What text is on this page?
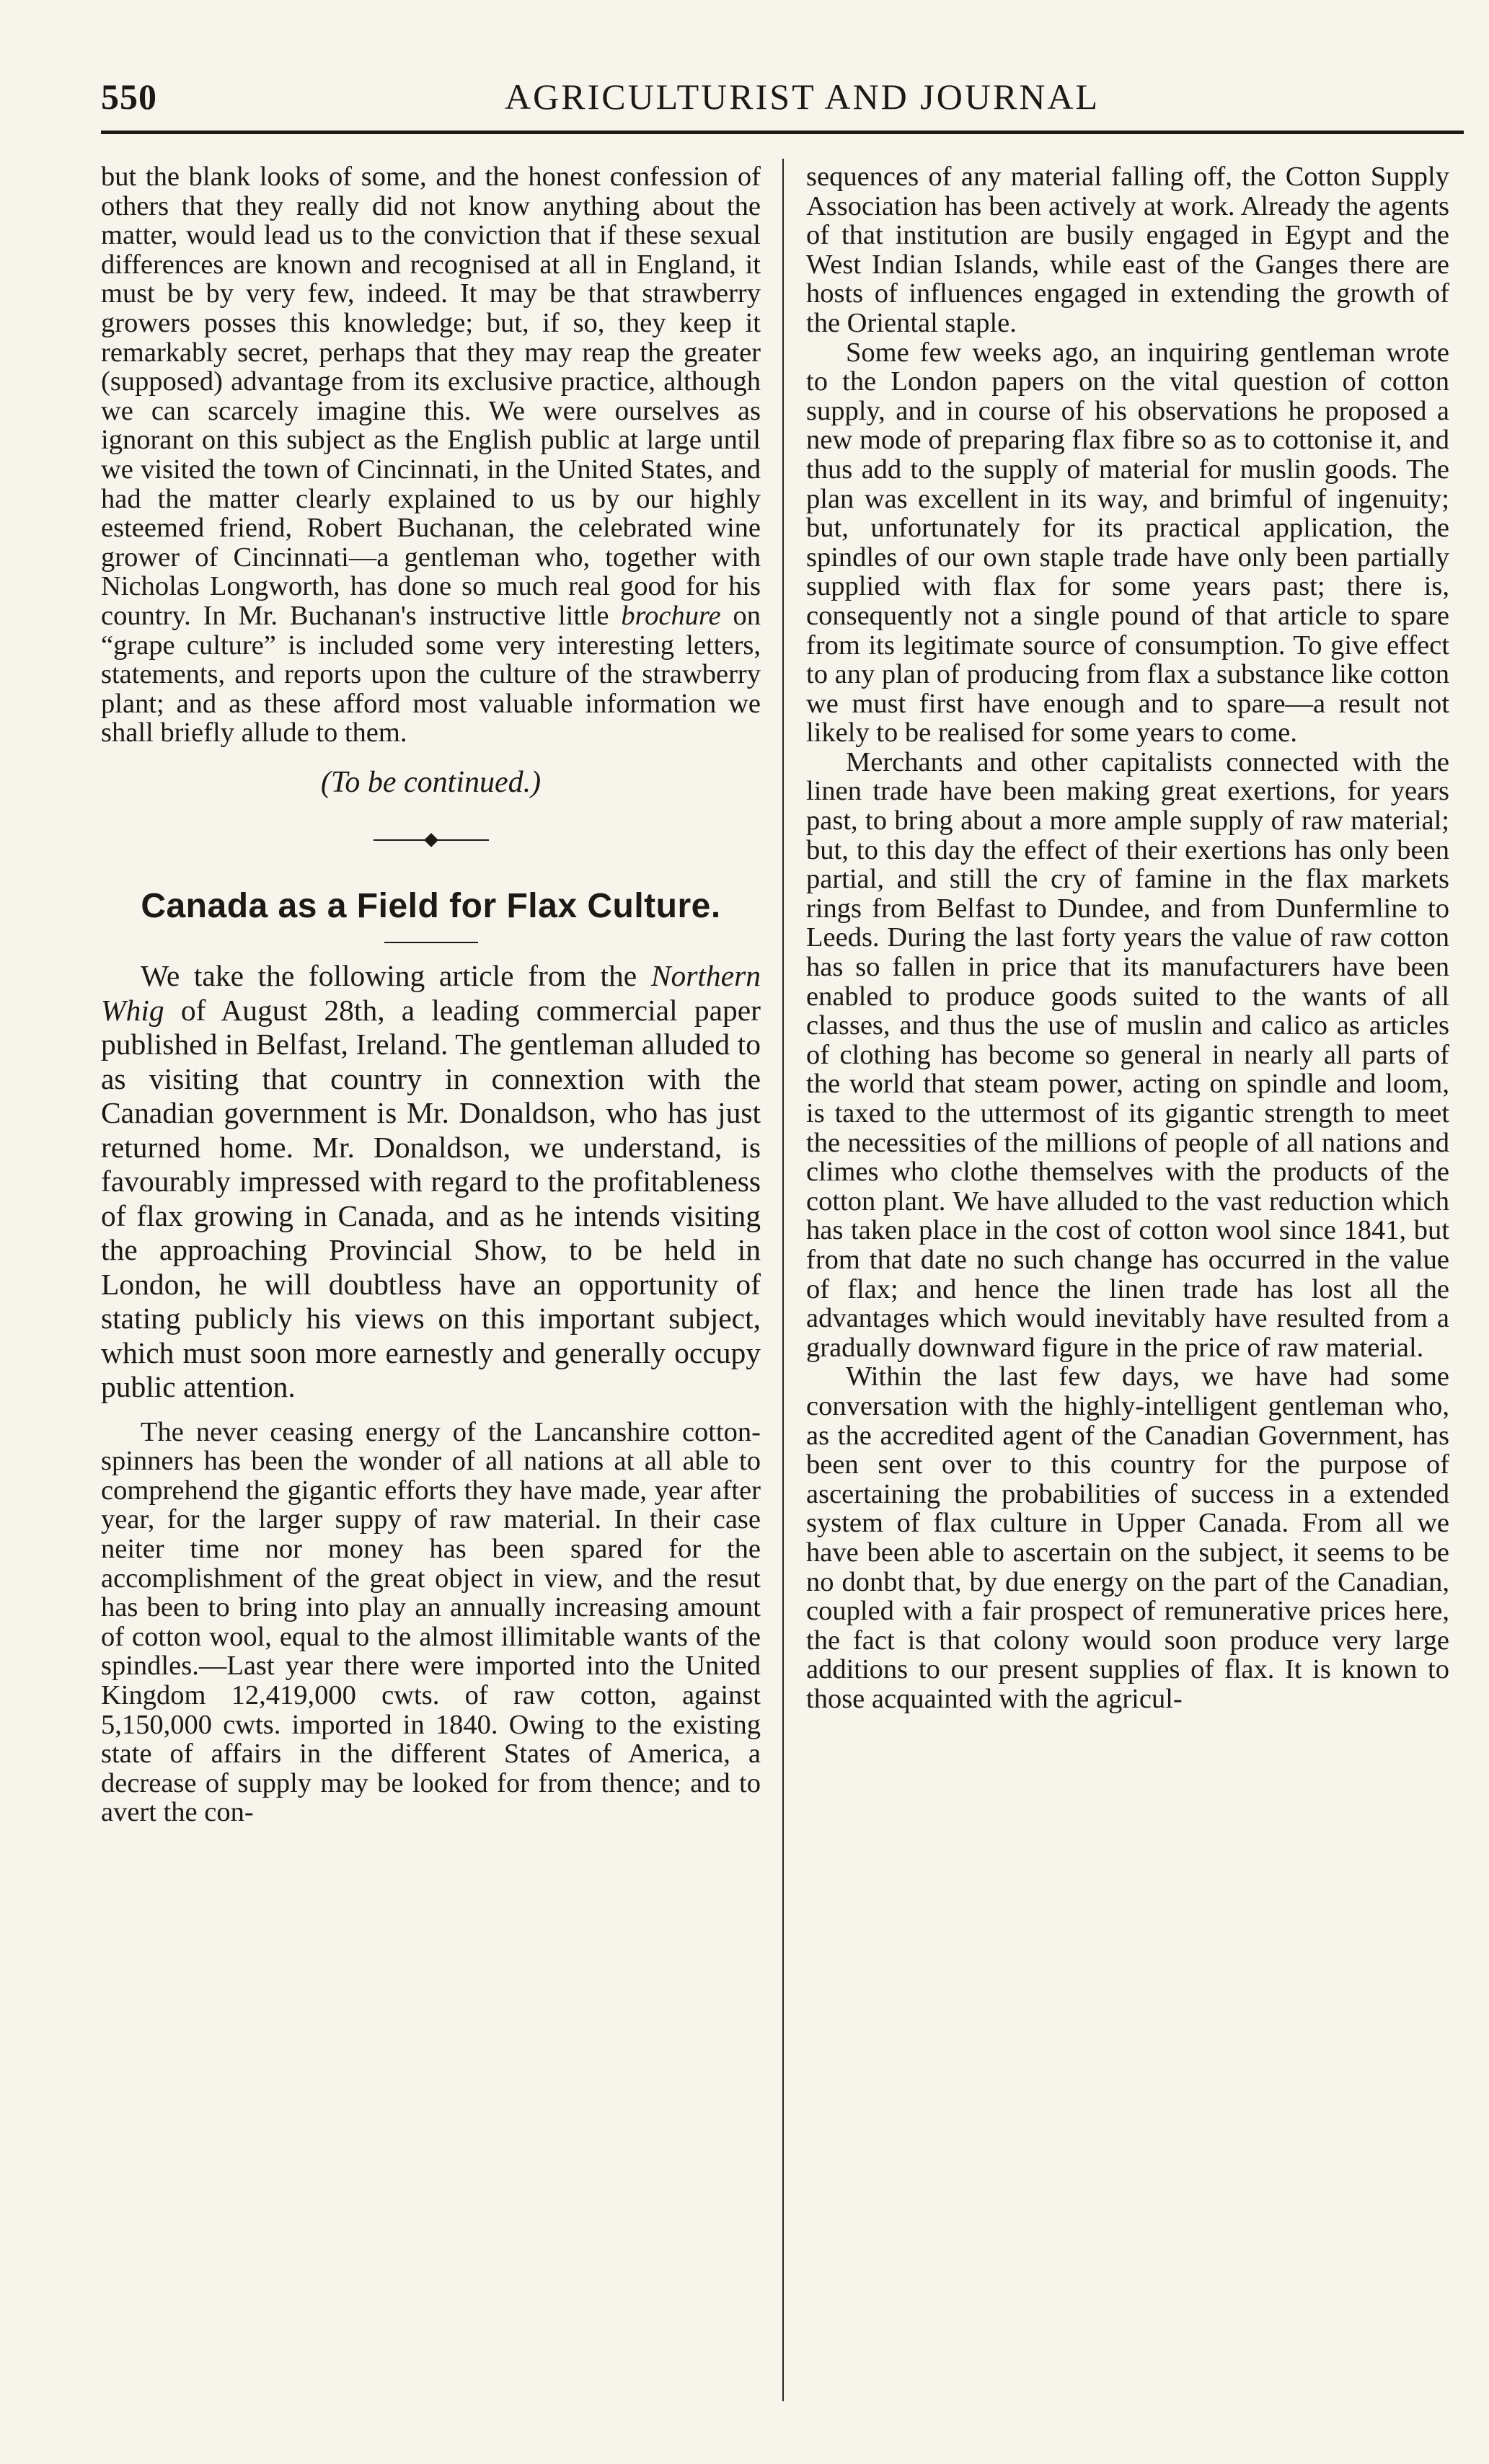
550	AGRICULTURIST AND JOURNAL

but the blank looks of some, and the honest confession of others that they really did not know anything about the matter, would lead us to the conviction that if these sexual differences are known and recognised at all in England, it must be by very few, indeed. It may be that strawberry growers posses this knowledge; but, if so, they keep it remarkably secret, perhaps that they may reap the greater (supposed) advantage from its exclusive practice, although we can scarcely imagine this. We were ourselves as ignorant on this subject as the English public at large until we visited the town of Cincinnati, in the United States, and had the matter clearly explained to us by our highly esteemed friend, Robert Buchanan, the celebrated wine grower of Cincinnati—a gentleman who, together with Nicholas Longworth, has done so much real good for his country. In Mr. Buchanan's instructive little brochure on “grape culture” is included some very interesting letters, statements, and reports upon the culture of the strawberry plant; and as these afford most valuable information we shall briefly allude to them.

(To be continued.)
Canada as a Field for Flax Culture.

We take the following article from the Northern Whig of August 28th, a leading commercial paper published in Belfast, Ireland. The gentleman alluded to as visiting that country in connextion with the Canadian government is Mr. Donaldson, who has just returned home. Mr. Donaldson, we understand, is favourably impressed with regard to the profitableness of flax growing in Canada, and as he intends visiting the approaching Provincial Show, to be held in London, he will doubtless have an opportunity of stating publicly his views on this important subject, which must soon more earnestly and generally occupy public attention.

The never ceasing energy of the Lancanshire cotton-spinners has been the wonder of all nations at all able to comprehend the gigantic efforts they have made, year after year, for the larger suppy of raw material. In their case neiter time nor money has been spared for the accomplishment of the great object in view, and the resut has been to bring into play an annually increasing amount of cotton wool, equal to the almost illimitable wants of the spindles.—Last year there were imported into the United Kingdom 12,419,000 cwts. of raw cotton, against 5,150,000 cwts. imported in 1840. Owing to the existing state of affairs in the different States of America, a decrease of supply may be looked for from thence; and to avert the con-

sequences of any material falling off, the Cotton Supply Association has been actively at work. Already the agents of that institution are busily engaged in Egypt and the West Indian Islands, while east of the Ganges there are hosts of influences engaged in extending the growth of the Oriental staple.

Some few weeks ago, an inquiring gentleman wrote to the London papers on the vital question of cotton supply, and in course of his observations he proposed a new mode of preparing flax fibre so as to cottonise it, and thus add to the supply of material for muslin goods. The plan was excellent in its way, and brimful of ingenuity; but, unfortunately for its practical application, the spindles of our own staple trade have only been partially supplied with flax for some years past; there is, consequently not a single pound of that article to spare from its legitimate source of consumption. To give effect to any plan of producing from flax a substance like cotton we must first have enough and to spare—a result not likely to be realised for some years to come.

Merchants and other capitalists connected with the linen trade have been making great exertions, for years past, to bring about a more ample supply of raw material; but, to this day the effect of their exertions has only been partial, and still the cry of famine in the flax markets rings from Belfast to Dundee, and from Dunfermline to Leeds. During the last forty years the value of raw cotton has so fallen in price that its manufacturers have been enabled to produce goods suited to the wants of all classes, and thus the use of muslin and calico as articles of clothing has become so general in nearly all parts of the world that steam power, acting on spindle and loom, is taxed to the uttermost of its gigantic strength to meet the necessities of the millions of people of all nations and climes who clothe themselves with the products of the cotton plant. We have alluded to the vast reduction which has taken place in the cost of cotton wool since 1841, but from that date no such change has occurred in the value of flax; and hence the linen trade has lost all the advantages which would inevitably have resulted from a gradually downward figure in the price of raw material.

Within the last few days, we have had some conversation with the highly-intelligent gentleman who, as the accredited agent of the Canadian Government, has been sent over to this country for the purpose of ascertaining the probabilities of success in a extended system of flax culture in Upper Canada. From all we have been able to ascertain on the subject, it seems to be no donbt that, by due energy on the part of the Canadian, coupled with a fair prospect of remunerative prices here, the fact is that colony would soon produce very large additions to our present supplies of flax. It is known to those acquainted with the agricul-
